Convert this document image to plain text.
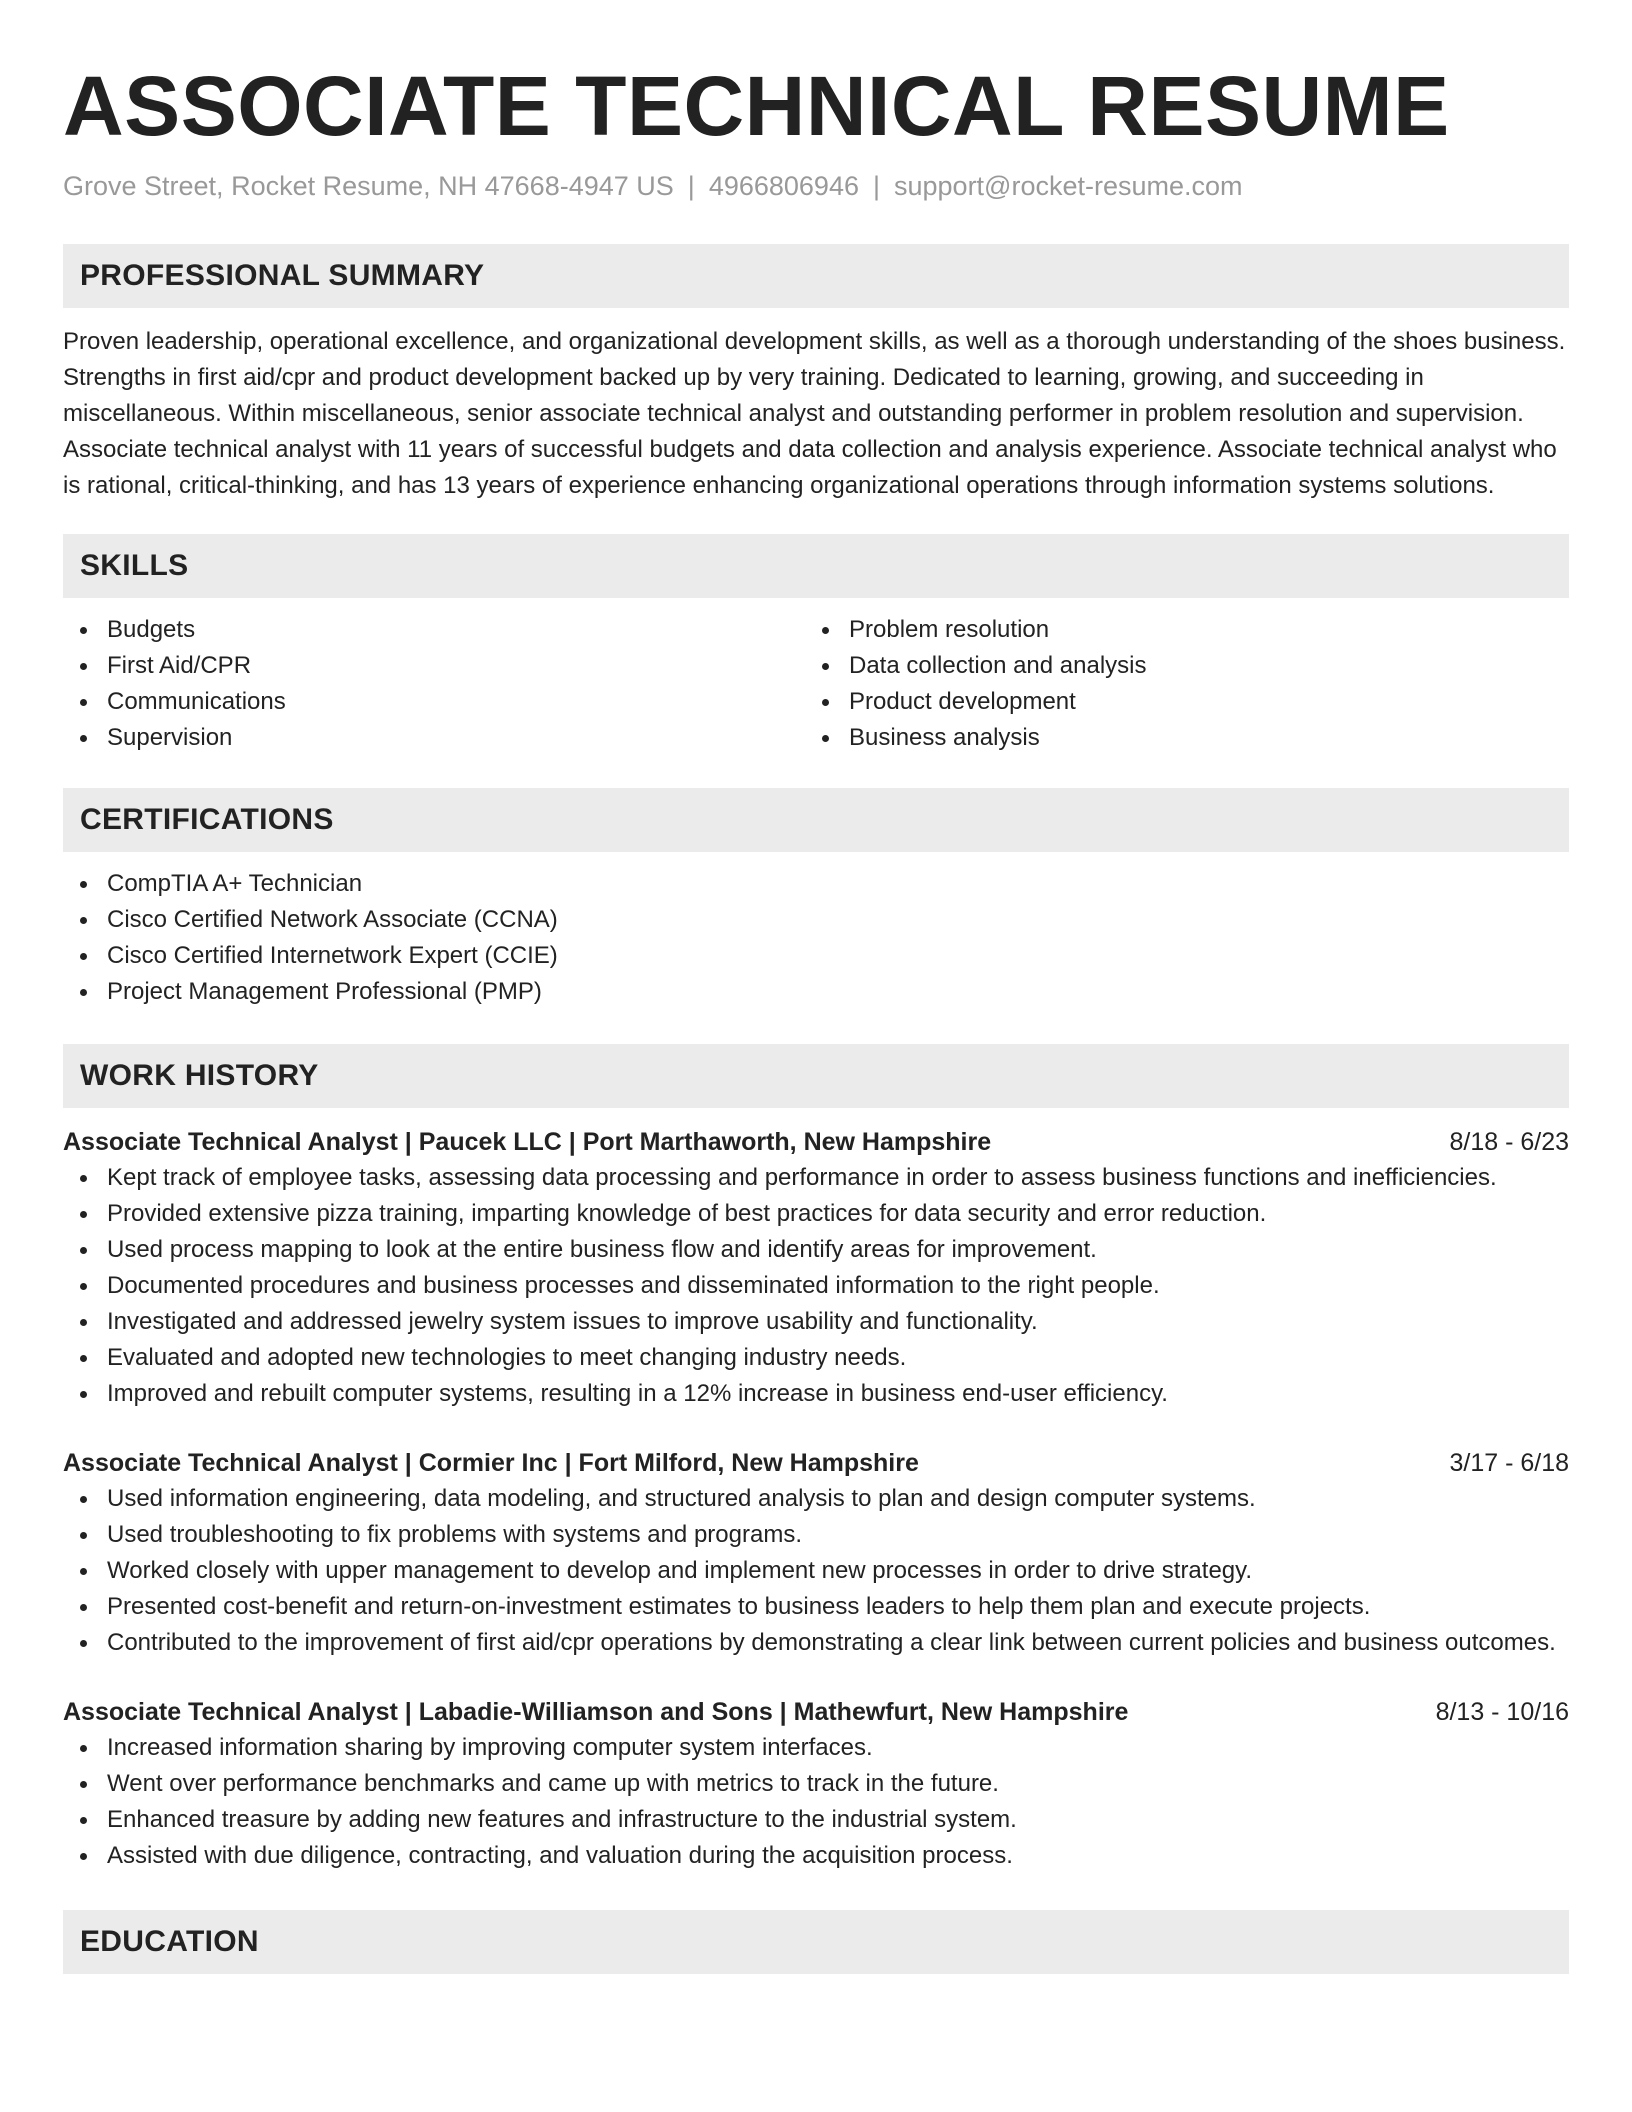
ASSOCIATE TECHNICAL RESUME
Grove Street, Rocket Resume, NH 47668-4947 US | 4966806946 | support@rocket-resume.com
PROFESSIONAL SUMMARY

Proven leadership, operational excellence, and organizational development skills, as well as a thorough understanding of the shoes business. Strengths in first aid/cpr and product development backed up by very training. Dedicated to learning, growing, and succeeding in miscellaneous. Within miscellaneous, senior associate technical analyst and outstanding performer in problem resolution and supervision. Associate technical analyst with 11 years of successful budgets and data collection and analysis experience. Associate technical analyst who is rational, critical-thinking, and has 13 years of experience enhancing organizational operations through information systems solutions.

SKILLS
Budgets
First Aid/CPR
Communications
Supervision
Problem resolution
Data collection and analysis
Product development
Business analysis
CERTIFICATIONS
CompTIA A+ Technician
Cisco Certified Network Associate (CCNA)
Cisco Certified Internetwork Expert (CCIE)
Project Management Professional (PMP)
WORK HISTORY
Associate Technical Analyst | Paucek LLC | Port Marthaworth, New Hampshire	8/18 - 6/23
Kept track of employee tasks, assessing data processing and performance in order to assess business functions and inefficiencies.
Provided extensive pizza training, imparting knowledge of best practices for data security and error reduction.
Used process mapping to look at the entire business flow and identify areas for improvement.
Documented procedures and business processes and disseminated information to the right people.
Investigated and addressed jewelry system issues to improve usability and functionality.
Evaluated and adopted new technologies to meet changing industry needs.
Improved and rebuilt computer systems, resulting in a 12% increase in business end-user efficiency.
Associate Technical Analyst | Cormier Inc | Fort Milford, New Hampshire	3/17 - 6/18
Used information engineering, data modeling, and structured analysis to plan and design computer systems.
Used troubleshooting to fix problems with systems and programs.
Worked closely with upper management to develop and implement new processes in order to drive strategy.
Presented cost-benefit and return-on-investment estimates to business leaders to help them plan and execute projects.
Contributed to the improvement of first aid/cpr operations by demonstrating a clear link between current policies and business outcomes.
Associate Technical Analyst | Labadie-Williamson and Sons | Mathewfurt, New Hampshire	8/13 - 10/16
Increased information sharing by improving computer system interfaces.
Went over performance benchmarks and came up with metrics to track in the future.
Enhanced treasure by adding new features and infrastructure to the industrial system.
Assisted with due diligence, contracting, and valuation during the acquisition process.
EDUCATION
